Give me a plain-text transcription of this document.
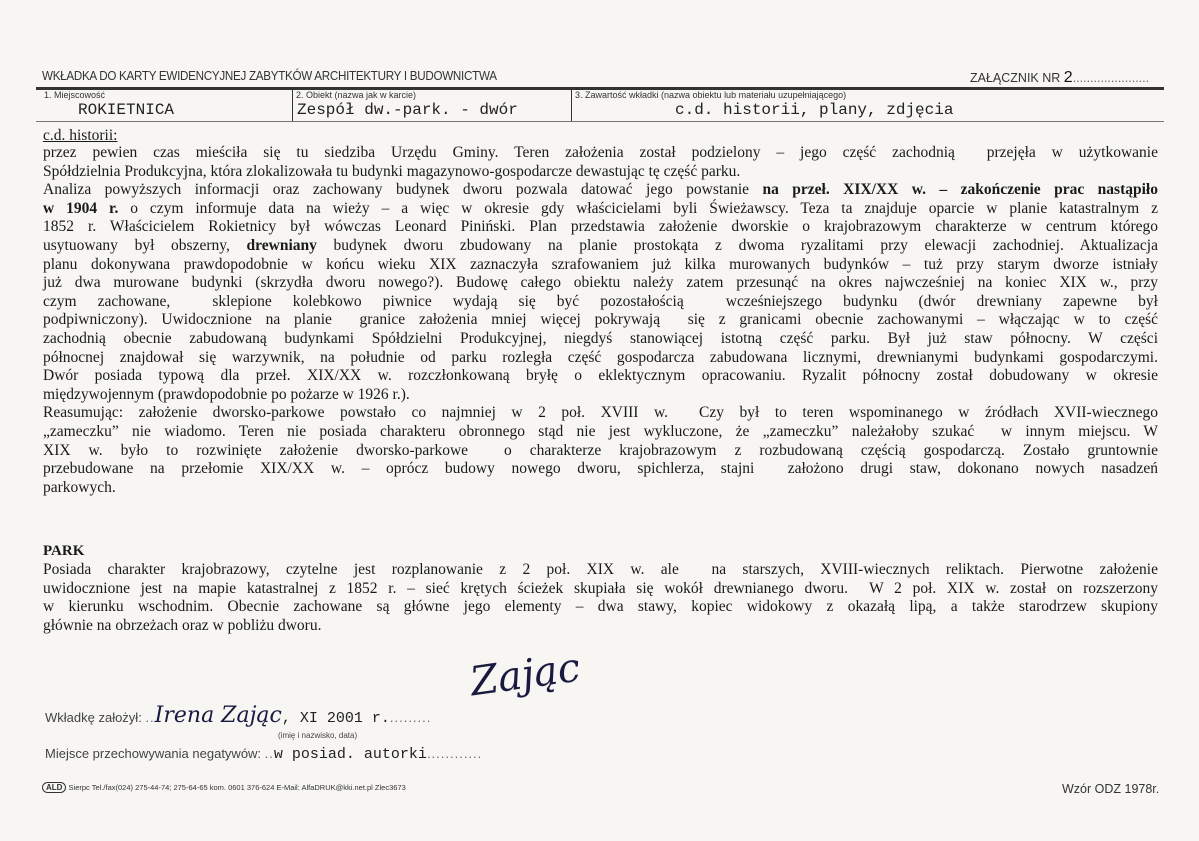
WKŁADKA DO KARTY EWIDENCYJNEJ ZABYTKÓW ARCHITEKTURY I BUDOWNICTWA	ZAŁĄCZNIK NR 2......................
1. Miejscowość
ROKIETNICA
2. Obiekt (nazwa jak w karcie)
Zespół dw.-park. - dwór
3. Zawartość wkładki (nazwa obiektu lub materiału uzupełniającego)
c.d. historii, plany, zdjęcia
c.d. historii:
przez pewien czas mieściła się tu siedziba Urzędu Gminy. Teren założenia został podzielony – jego część zachodnią  przejęła w użytkowanie
Spółdzielnia Produkcyjna, która zlokalizowała tu budynki magazynowo-gospodarcze dewastując tę część parku.
Analiza powyższych informacji oraz zachowany budynek dworu pozwala datować jego powstanie na przeł. XIX/XX w. – zakończenie prac nastąpiło
w 1904 r. o czym informuje data na wieży – a więc w okresie gdy właścicielami byli Świeżawscy. Teza ta znajduje oparcie w planie katastralnym z
1852 r. Właścicielem Rokietnicy był wówczas Leonard Piniński. Plan przedstawia założenie dworskie o krajobrazowym charakterze w centrum którego
usytuowany był obszerny, drewniany budynek dworu zbudowany na planie prostokąta z dwoma ryzalitami przy elewacji zachodniej. Aktualizacja
planu dokonywana prawdopodobnie w końcu wieku XIX zaznaczyła szrafowaniem już kilka murowanych budynków – tuż przy starym dworze istniały
już dwa murowane budynki (skrzydła dworu nowego?). Budowę całego obiektu należy zatem przesunąć na okres najwcześniej na koniec XIX w., przy
czym zachowane,  sklepione kolebkowo piwnice wydają się być pozostałością  wcześniejszego budynku (dwór drewniany zapewne był
podpiwniczony). Uwidocznione na planie  granice założenia mniej więcej pokrywają  się z granicami obecnie zachowanymi – włączając w to część
zachodnią obecnie zabudowaną budynkami Spółdzielni Produkcyjnej, niegdyś stanowiącej istotną część parku. Był już staw północny. W części
północnej znajdował się warzywnik, na południe od parku rozległa część gospodarcza zabudowana licznymi, drewnianymi budynkami gospodarczymi.
Dwór posiada typową dla przeł. XIX/XX w. rozczłonkowaną bryłę o eklektycznym opracowaniu. Ryzalit północny został dobudowany w okresie
międzywojennym (prawdopodobnie po pożarze w 1926 r.).
Reasumując: założenie dworsko-parkowe powstało co najmniej w 2 poł. XVIII w.  Czy był to teren wspominanego w źródłach XVII-wiecznego
„zameczku” nie wiadomo. Teren nie posiada charakteru obronnego stąd nie jest wykluczone, że „zameczku” należałoby szukać  w innym miejscu. W
XIX w. było to rozwinięte założenie dworsko-parkowe  o charakterze krajobrazowym z rozbudowaną częścią gospodarczą. Zostało gruntownie
przebudowane na przełomie XIX/XX w. – oprócz budowy nowego dworu, spichlerza, stajni  założono drugi staw, dokonano nowych nasadzeń
parkowych.
PARK
Posiada charakter krajobrazowy, czytelne jest rozplanowanie z 2 poł. XIX w. ale  na starszych, XVIII-wiecznych reliktach. Pierwotne założenie
uwidocznione jest na mapie katastralnej z 1852 r. – sieć krętych ścieżek skupiała się wokół drewnianego dworu.  W 2 poł. XIX w. został on rozszerzony
w kierunku wschodnim. Obecnie zachowane są główne jego elementy – dwa stawy, kopiec widokowy z okazałą lipą, a także starodrzew skupiony
głównie na obrzeżach oraz w pobliżu dworu.
Wkładkę założył: ..Irena Zając, XI 2001 r..........
(imię i nazwisko, data)
Zając
Miejsce przechowywania negatywów: ..w posiad. autorki............
ALD Sierpc Tel./fax(024) 275-44-74; 275-64-65 kom. 0601 376-624 E-Mail: AlfaDRUK@kki.net.pl Zlec3673	Wzór ODZ 1978r.
